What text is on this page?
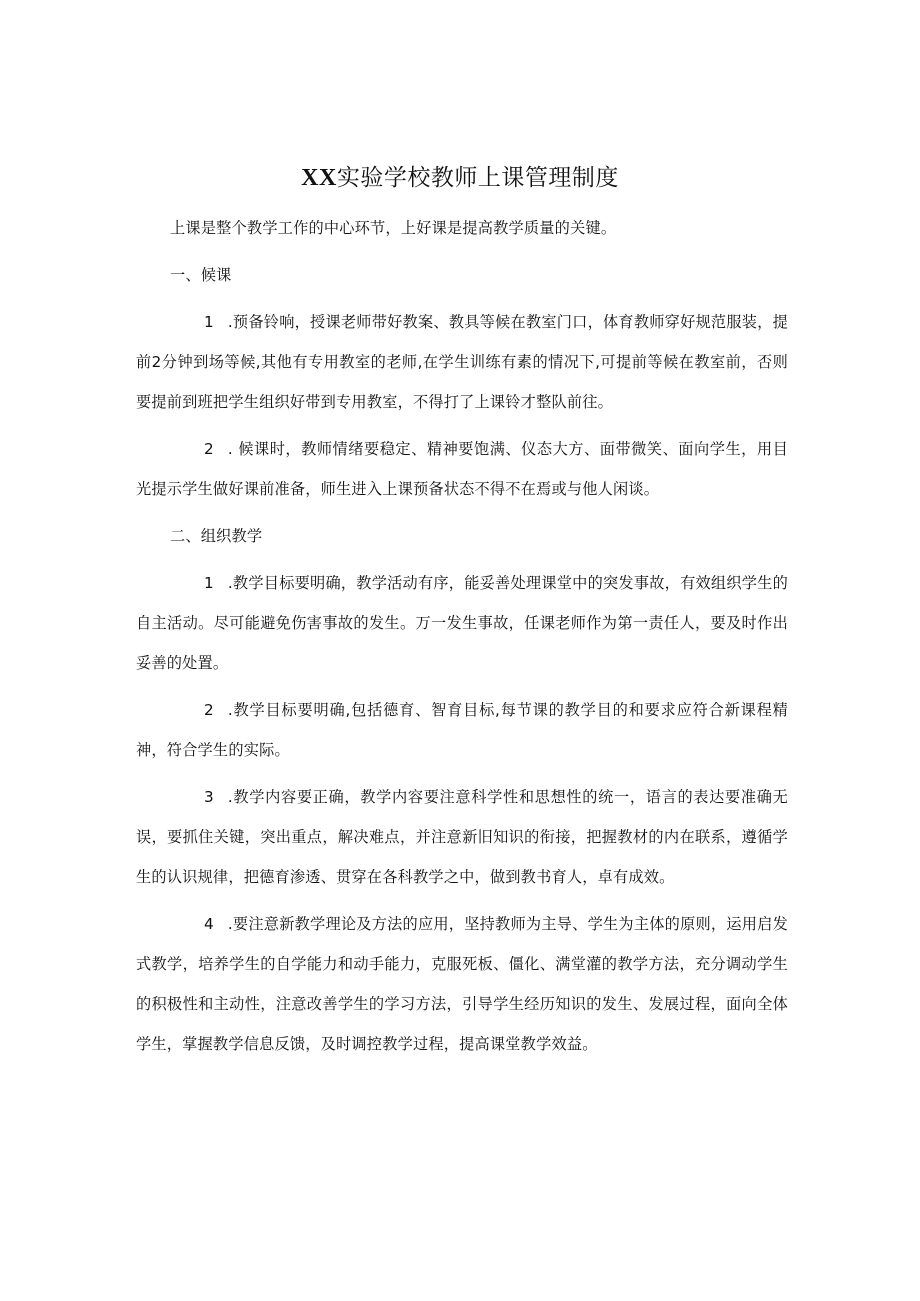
XX实验学校教师上课管理制度

上课是整个教学工作的中心环节，上好课是提高教学质量的关键。

一、候课

1 .预备铃响，授课老师带好教案、教具等候在教室门口，体育教师穿好规范服装，提前2分钟到场等候,其他有专用教室的老师,在学生训练有素的情况下,可提前等候在教室前，否则要提前到班把学生组织好带到专用教室，不得打了上课铃才整队前往。

2 . 候课时，教师情绪要稳定、精神要饱满、仪态大方、面带微笑、面向学生，用目光提示学生做好课前准备，师生进入上课预备状态不得不在焉或与他人闲谈。

二、组织教学

1 .教学目标要明确，教学活动有序，能妥善处理课堂中的突发事故，有效组织学生的自主活动。尽可能避免伤害事故的发生。万一发生事故，任课老师作为第一责任人，要及时作出妥善的处置。

2 .教学目标要明确,包括德育、智育目标,每节课的教学目的和要求应符合新课程精神，符合学生的实际。

3 .教学内容要正确，教学内容要注意科学性和思想性的统一，语言的表达要准确无误，要抓住关键，突出重点，解决难点，并注意新旧知识的衔接，把握教材的内在联系，遵循学生的认识规律，把德育渗透、贯穿在各科教学之中，做到教书育人，卓有成效。

4 .要注意新教学理论及方法的应用，坚持教师为主导、学生为主体的原则，运用启发式教学，培养学生的自学能力和动手能力，克服死板、僵化、满堂灌的教学方法，充分调动学生的积极性和主动性，注意改善学生的学习方法，引导学生经历知识的发生、发展过程，面向全体学生，掌握教学信息反馈，及时调控教学过程，提高课堂教学效益。
